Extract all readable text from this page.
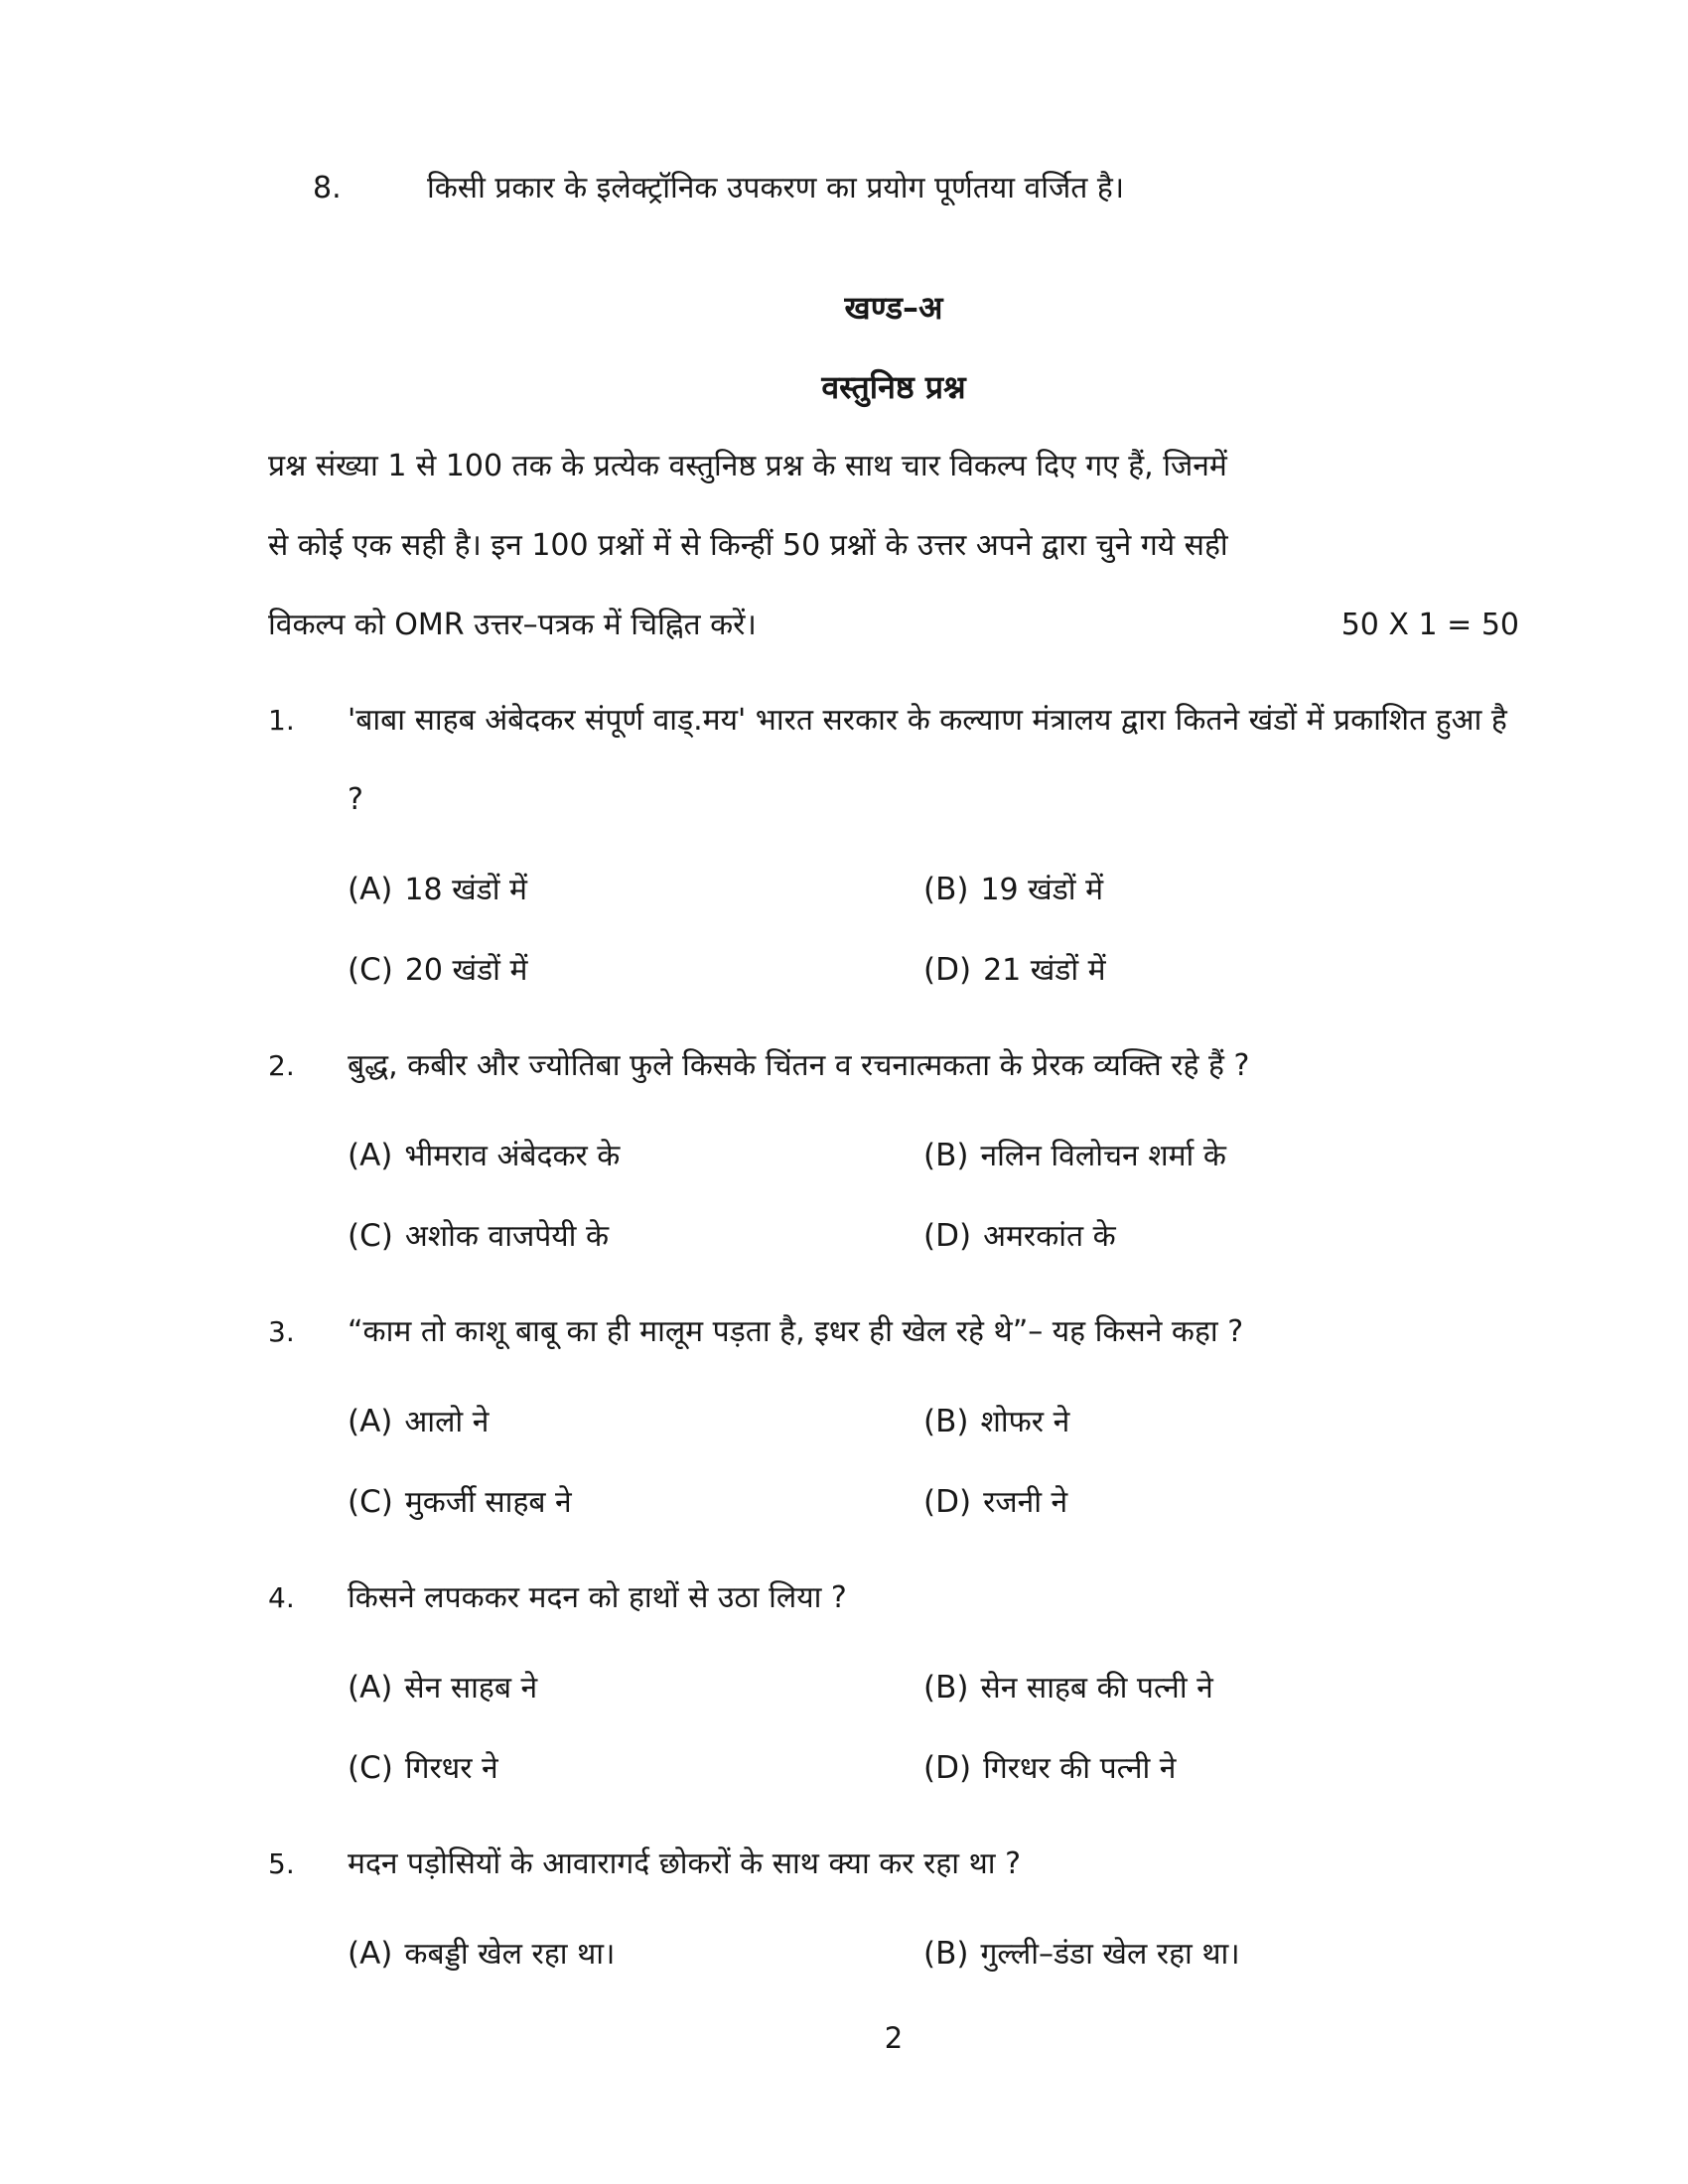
8.	किसी प्रकार के इलेक्ट्रॉनिक उपकरण का प्रयोग पूर्णतया वर्जित है।
खण्ड–अ
वस्तुनिष्ठ प्रश्न
प्रश्न संख्या 1 से 100 तक के प्रत्येक वस्तुनिष्ठ प्रश्न के साथ चार विकल्प दिए गए हैं, जिनमें
से कोई एक सही है। इन 100 प्रश्नों में से किन्हीं 50 प्रश्नों के उत्तर अपने द्वारा चुने गये सही
विकल्प को OMR उत्तर–पत्रक में चिह्नित करें।	50 X 1 = 50
1.	'बाबा साहब अंबेदकर संपूर्ण वाड्.मय' भारत सरकार के कल्याण मंत्रालय द्वारा कितने खंडों में प्रकाशित हुआ है ?
(A) 18 खंडों में	(B) 19 खंडों में
(C) 20 खंडों में	(D) 21 खंडों में
2.	बुद्ध, कबीर और ज्योतिबा फुले किसके चिंतन व रचनात्मकता के प्रेरक व्यक्ति रहे हैं ?
(A) भीमराव अंबेदकर के	(B) नलिन विलोचन शर्मा के
(C) अशोक वाजपेयी के	(D) अमरकांत के
3.	“काम तो काशू बाबू का ही मालूम पड़ता है, इधर ही खेल रहे थे”– यह किसने कहा ?
(A) आलो ने	(B) शोफर ने
(C) मुकर्जी साहब ने	(D) रजनी ने
4.	किसने लपककर मदन को हाथों से उठा लिया ?
(A) सेन साहब ने	(B) सेन साहब की पत्नी ने
(C) गिरधर ने	(D) गिरधर की पत्नी ने
5.	मदन पड़ोसियों के आवारागर्द छोकरों के साथ क्या कर रहा था ?
(A) कबड्डी खेल रहा था।	(B) गुल्ली–डंडा खेल रहा था।
2
